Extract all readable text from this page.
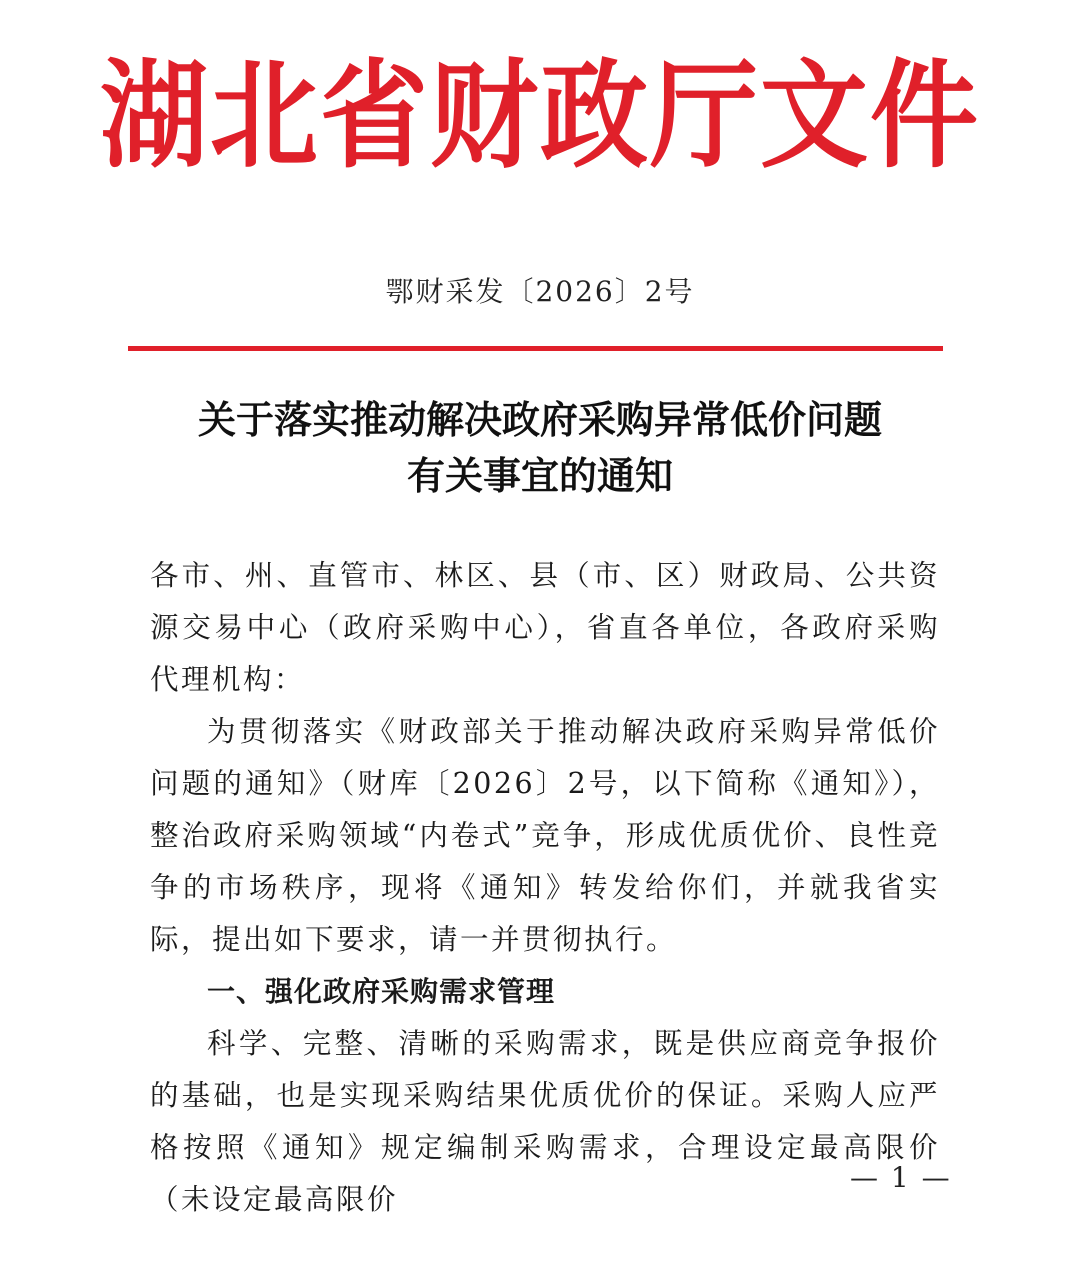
湖北省财政厅文件
鄂财采发〔2026〕2号
关于落实推动解决政府采购异常低价问题
有关事宜的通知

各市、州、直管市、林区、县（市、区）财政局、公共资源交易中心（政府采购中心），省直各单位，各政府采购代理机构：

为贯彻落实《财政部关于推动解决政府采购异常低价问题的通知》（财库〔2026〕2号，以下简称《通知》），整治政府采购领域“内卷式”竞争，形成优质优价、良性竞争的市场秩序，现将《通知》转发给你们，并就我省实际，提出如下要求，请一并贯彻执行。

一、强化政府采购需求管理

科学、完整、清晰的采购需求，既是供应商竞争报价的基础，也是实现采购结果优质优价的保证。采购人应严格按照《通知》规定编制采购需求，合理设定最高限价（未设定最高限价

— 1 —
